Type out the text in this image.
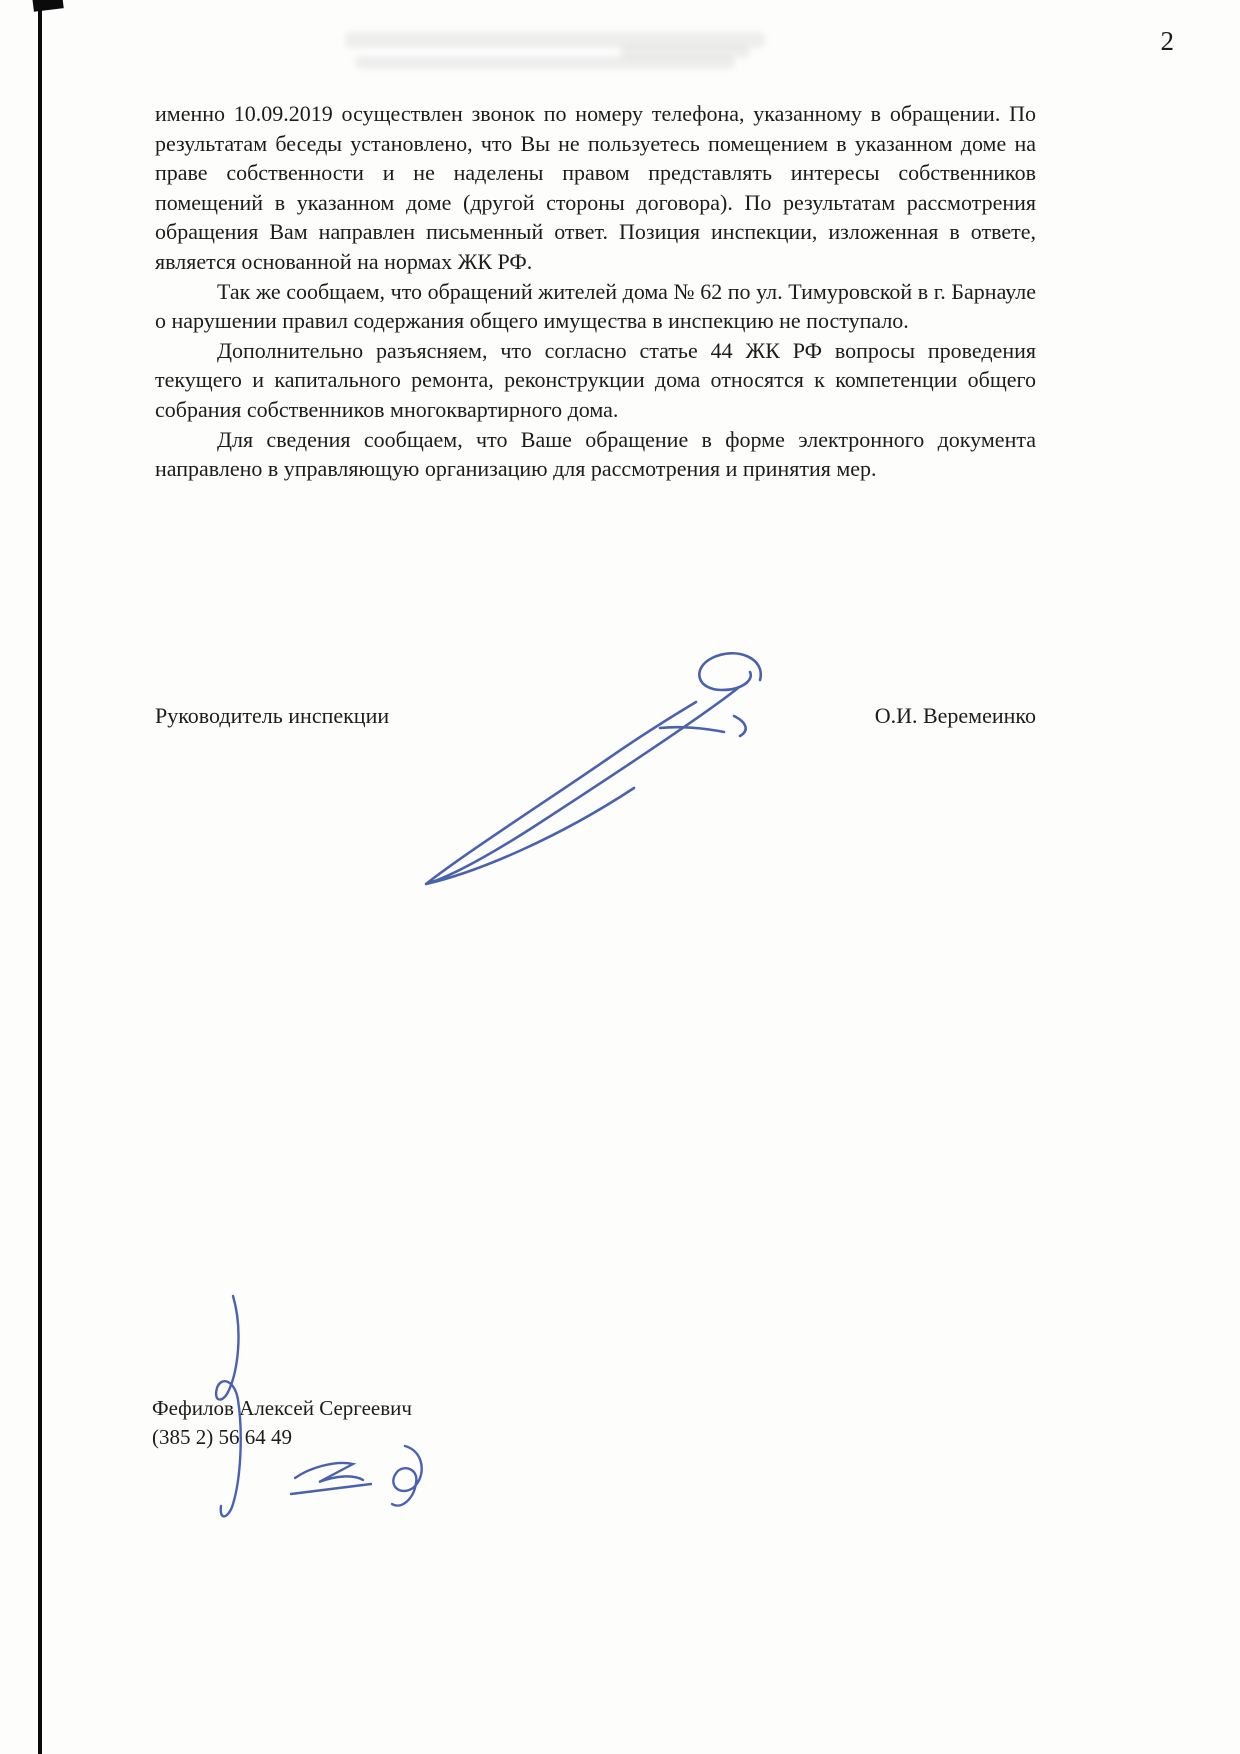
2

именно 10.09.2019 осуществлен звонок по номеру телефона, указанному в обращении. По результатам беседы установлено, что Вы не пользуетесь помещением в указанном доме на праве собственности и не наделены правом представлять интересы собственников помещений в указанном доме (другой стороны договора). По результатам рассмотрения обращения Вам направлен письменный ответ. Позиция инспекции, изложенная в ответе, является основанной на нормах ЖК РФ.

Так же сообщаем, что обращений жителей дома № 62 по ул. Тимуровской в г. Барнауле о нарушении правил содержания общего имущества в инспекцию не поступало.

Дополнительно разъясняем, что согласно статье 44 ЖК РФ вопросы проведения текущего и капитального ремонта, реконструкции дома относятся к компетенции общего собрания собственников многоквартирного дома.

Для сведения сообщаем, что Ваше обращение в форме электронного документа направлено в управляющую организацию для рассмотрения и принятия мер.

Руководитель инспекции	О.И. Веремеинко
Фефилов Алексей Сергеевич
(385 2) 56 64 49
